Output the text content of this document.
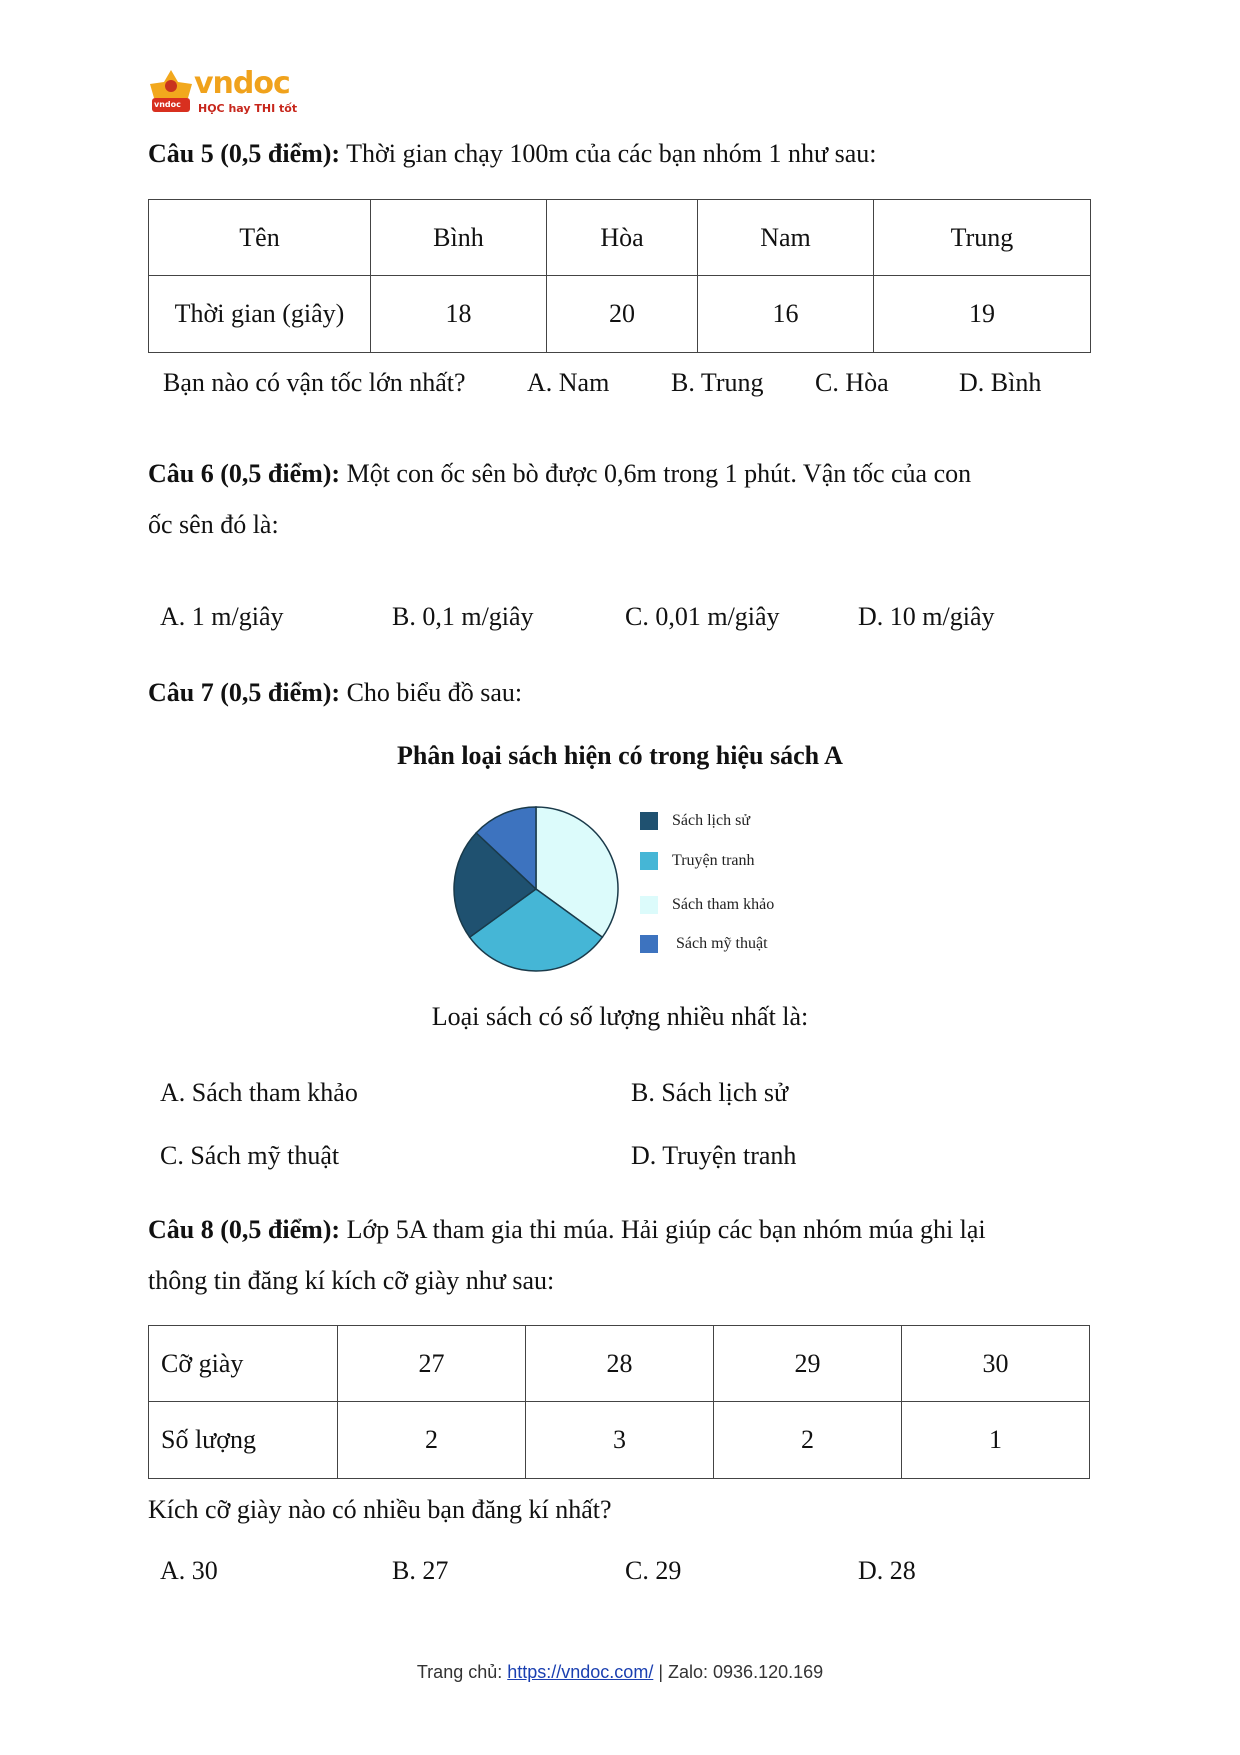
vndoc
vndoc
HỌC hay THI tốt
Câu 5 (0,5 điểm): Thời gian chạy 100m của các bạn nhóm 1 như sau:
Tên	Bình	Hòa	Nam	Trung
Thời gian (giây)	18	20	16	19
Bạn nào có vận tốc lớn nhất? A. Nam B. Trung C. Hòa	D. Bình
Câu 6 (0,5 điểm): Một con ốc sên bò được 0,6m trong 1 phút. Vận tốc của con
ốc sên đó là:
A. 1 m/giây	B. 0,1 m/giây	C. 0,01 m/giây	D. 10 m/giây
Câu 7 (0,5 điểm): Cho biểu đồ sau:
Phân loại sách hiện có trong hiệu sách A
Sách lịch sử
Truyện tranh
Sách tham khảo
Sách mỹ thuật
Loại sách có số lượng nhiều nhất là:
A. Sách tham khảo	B. Sách lịch sử
C. Sách mỹ thuật	D. Truyện tranh
Câu 8 (0,5 điểm): Lớp 5A tham gia thi múa. Hải giúp các bạn nhóm múa ghi lại
thông tin đăng kí kích cỡ giày như sau:
Cỡ giày	27	28	29	30
Số lượng	2	3	2	1
Kích cỡ giày nào có nhiều bạn đăng kí nhất?
A. 30	B. 27	C. 29	D. 28
Trang chủ: https://vndoc.com/ | Zalo: 0936.120.169
